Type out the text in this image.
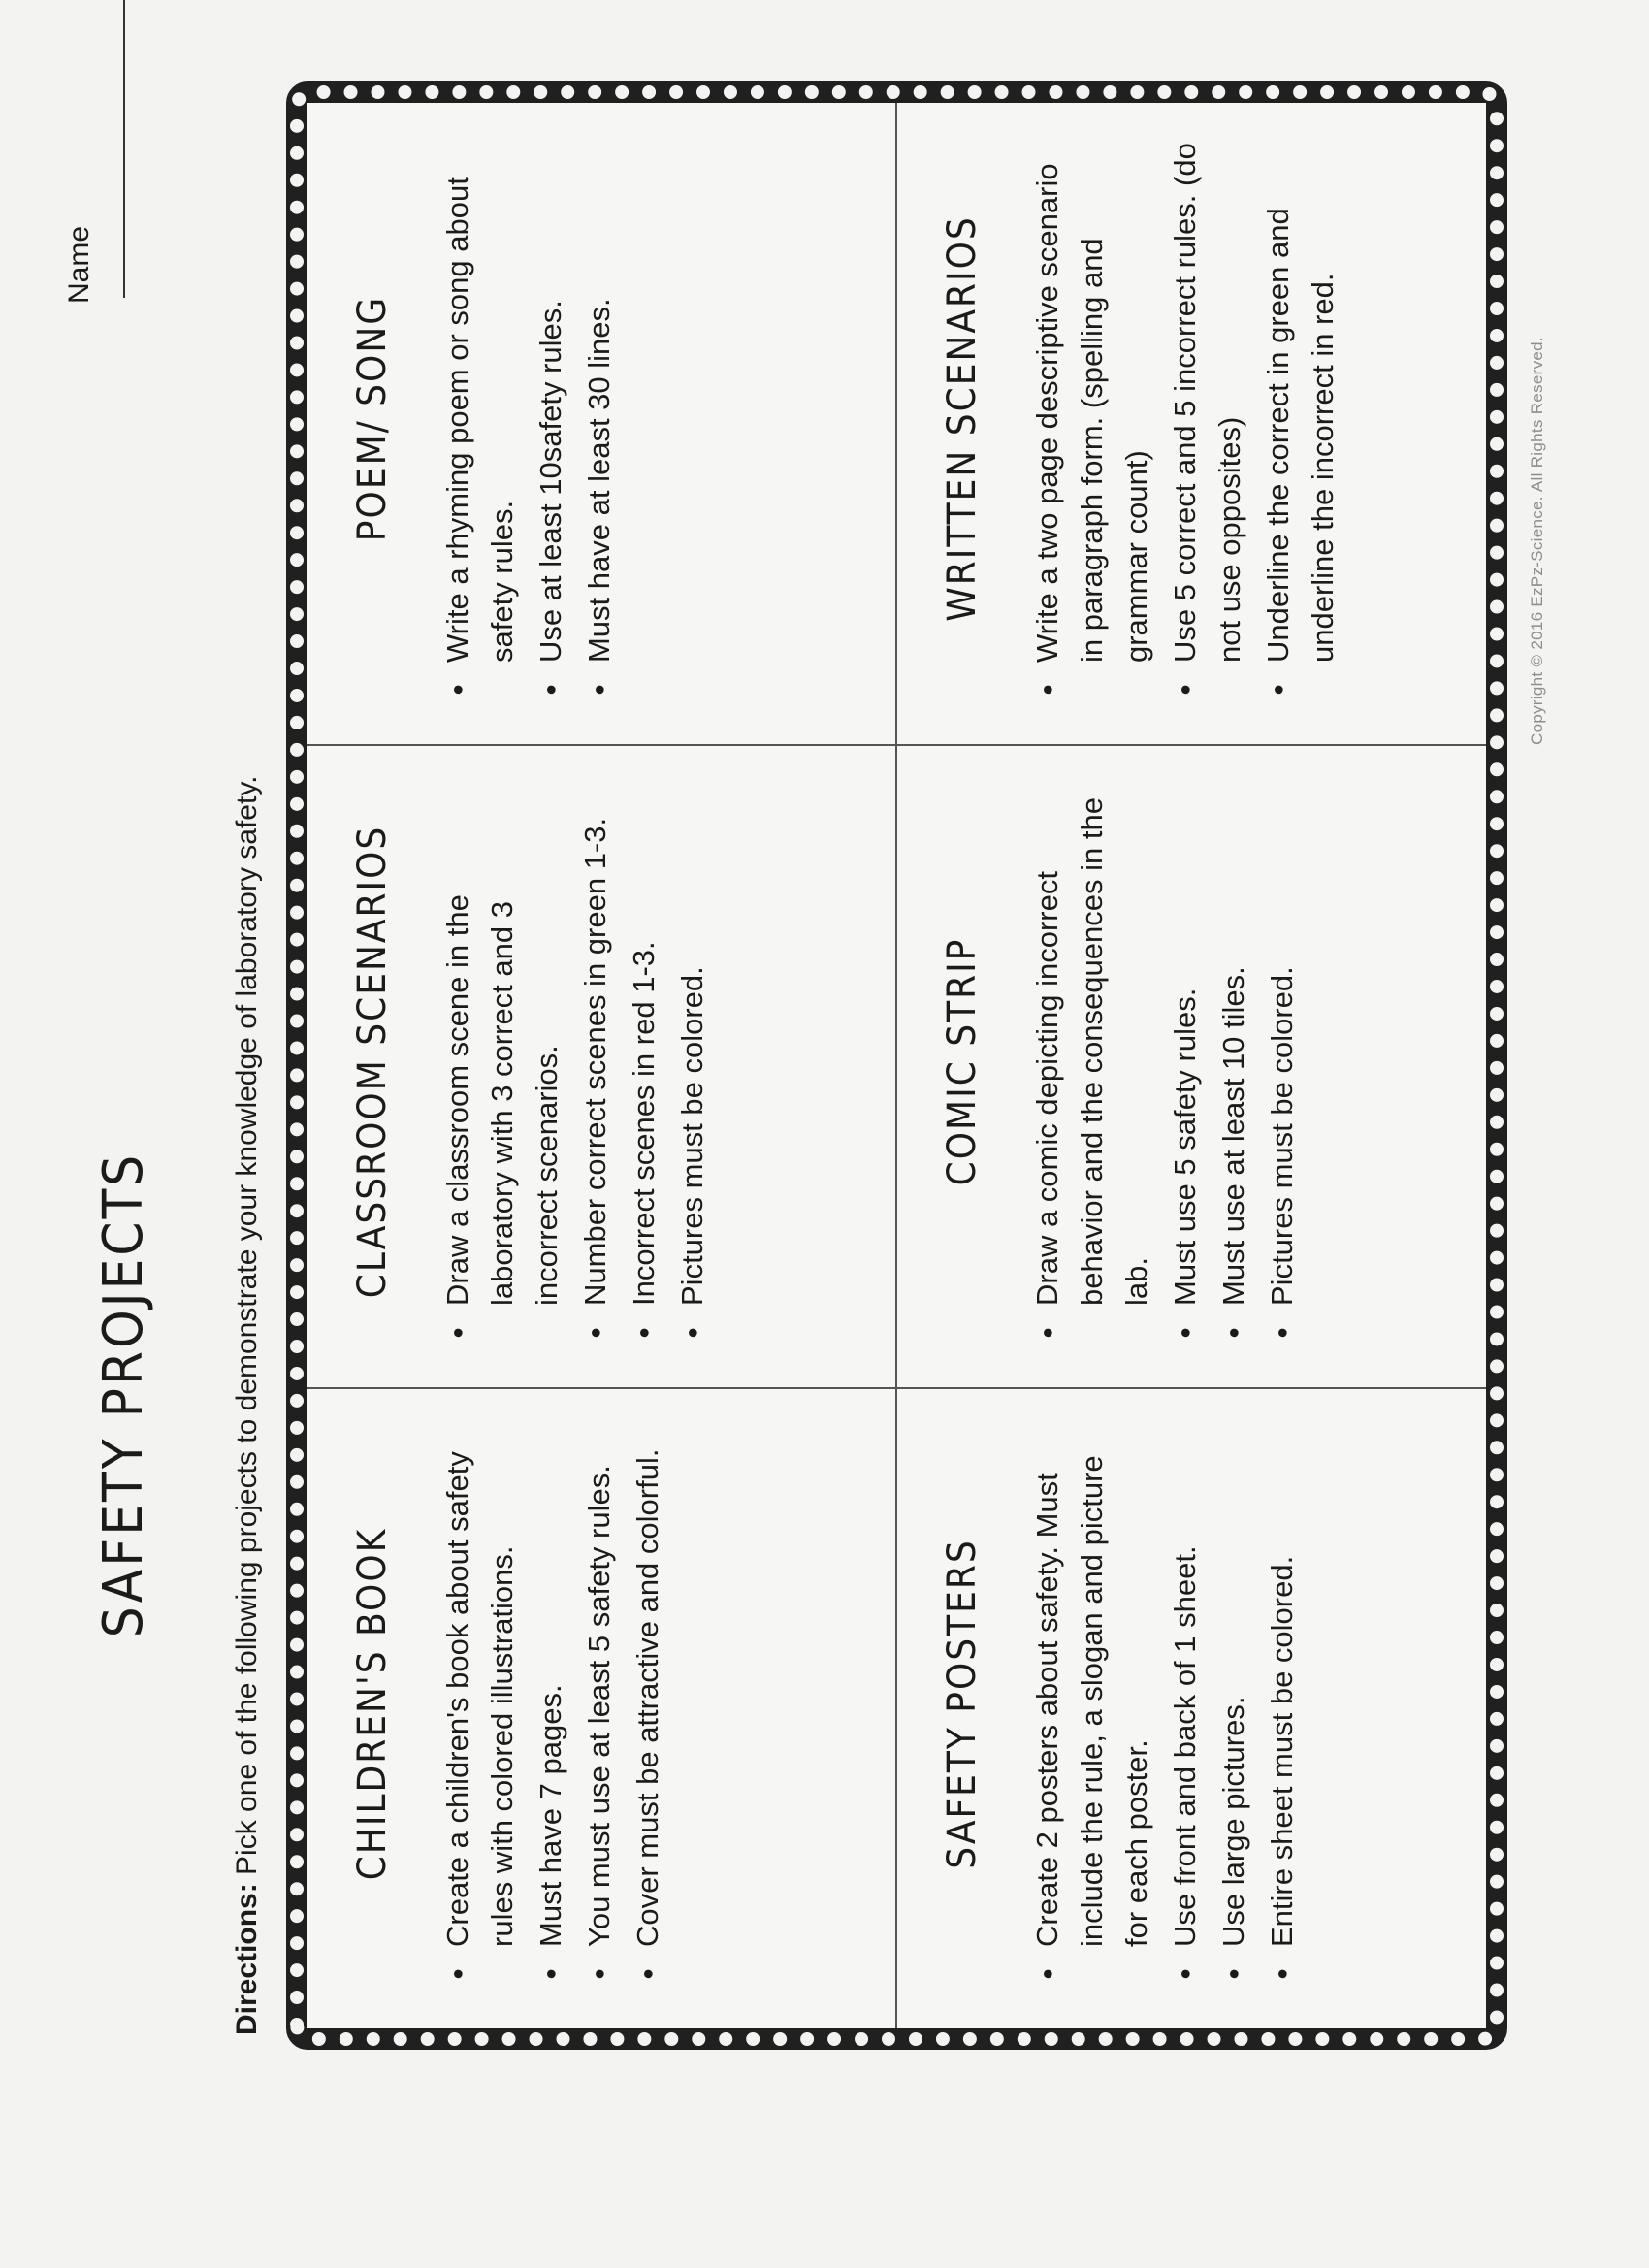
Name
SAFETY PROJECTS
Directions: Pick one of the following projects to demonstrate your knowledge of laboratory safety. CHILDREN'S BOOK ● Create a children's book about safety rules with colored illustrations. ● Must have 7 pages. ● You must use at least 5 safety rules. ● Cover must be attractive and colorful.
CLASSROOM SCENARIOS ● Draw a classroom scene in the laboratory with 3 correct and 3 incorrect scenarios. ● Number correct scenes in green 1-3. ● Incorrect scenes in red 1-3. ● Pictures must be colored.
POEM/ SONG ● Write a rhyming poem or song about safety rules. ● Use at least 10safety rules. ● Must have at least 30 lines.
SAFETY POSTERS ● Create 2 posters about safety. Must include the rule, a slogan and picture for each poster. ● Use front and back of 1 sheet. ● Use large pictures. ● Entire sheet must be colored.
COMIC STRIP ● Draw a comic depicting incorrect behavior and the consequences in the lab. ● Must use 5 safety rules. ● Must use at least 10 tiles. ● Pictures must be colored.
WRITTEN SCENARIOS ● Write a two page descriptive scenario in paragraph form. (spelling and grammar count) ● Use 5 correct and 5 incorrect rules. (do not use opposites) ● Underline the correct in green and underline the incorrect in red.	Copyright © 2016 EzPz-Science. All Rights Reserved.
